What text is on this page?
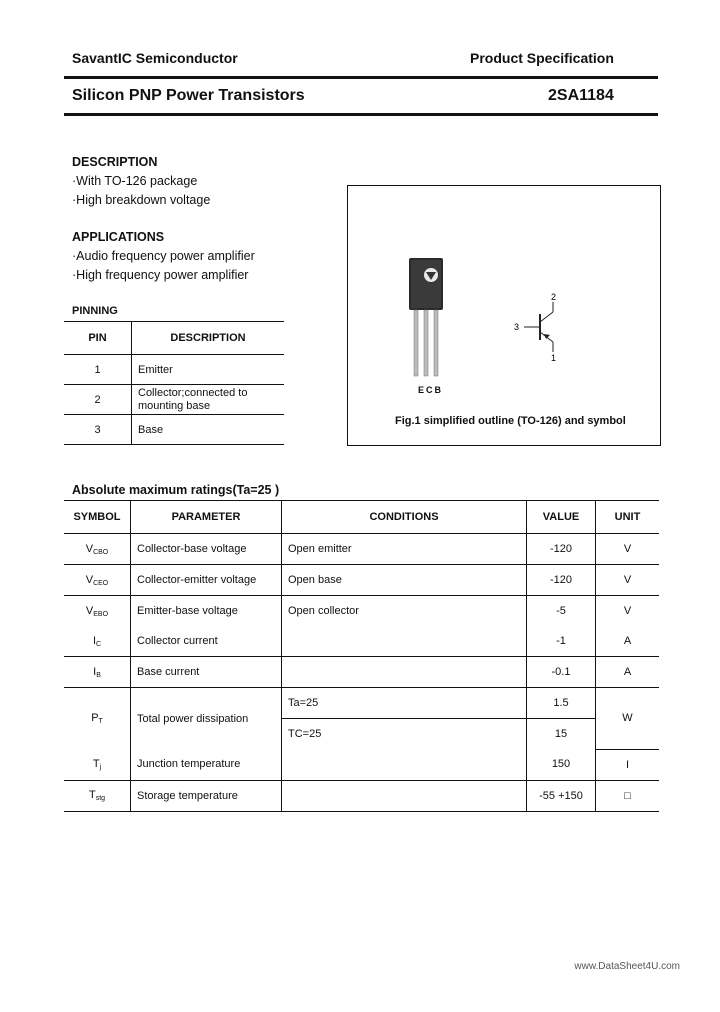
SavantIC Semiconductor	Product Specification
Silicon PNP Power Transistors	2SA1184
DESCRIPTION
·With TO-126 package
·High breakdown voltage
APPLICATIONS
·Audio frequency power amplifier
·High frequency power amplifier
PINNING
PIN	DESCRIPTION
1	Emitter
2	Collector;connected to mounting base
3	Base
ECB
3
2
1
Fig.1 simplified outline (TO-126) and symbol
Absolute maximum ratings(Ta=25 )
SYMBOL	PARAMETER	CONDITIONS	VALUE	UNIT
$V_{CBO}$	Collector-base voltage	Open emitter	-120	V
$V_{CEO}$	Collector-emitter voltage	Open base	-120	V
$V_{EBO}$	Emitter-base voltage	Open collector	-5	V
$I_C$	Collector current		-1	A
$I_B$	Base current		-0.1	A
$P_T$	Total power dissipation	Ta=25	1.5	W
		TC=25	15	
$T_j$	Junction temperature		150	I
$T_{stg}$	Storage temperature		-55 +150	□
www.DataSheet4U.com
